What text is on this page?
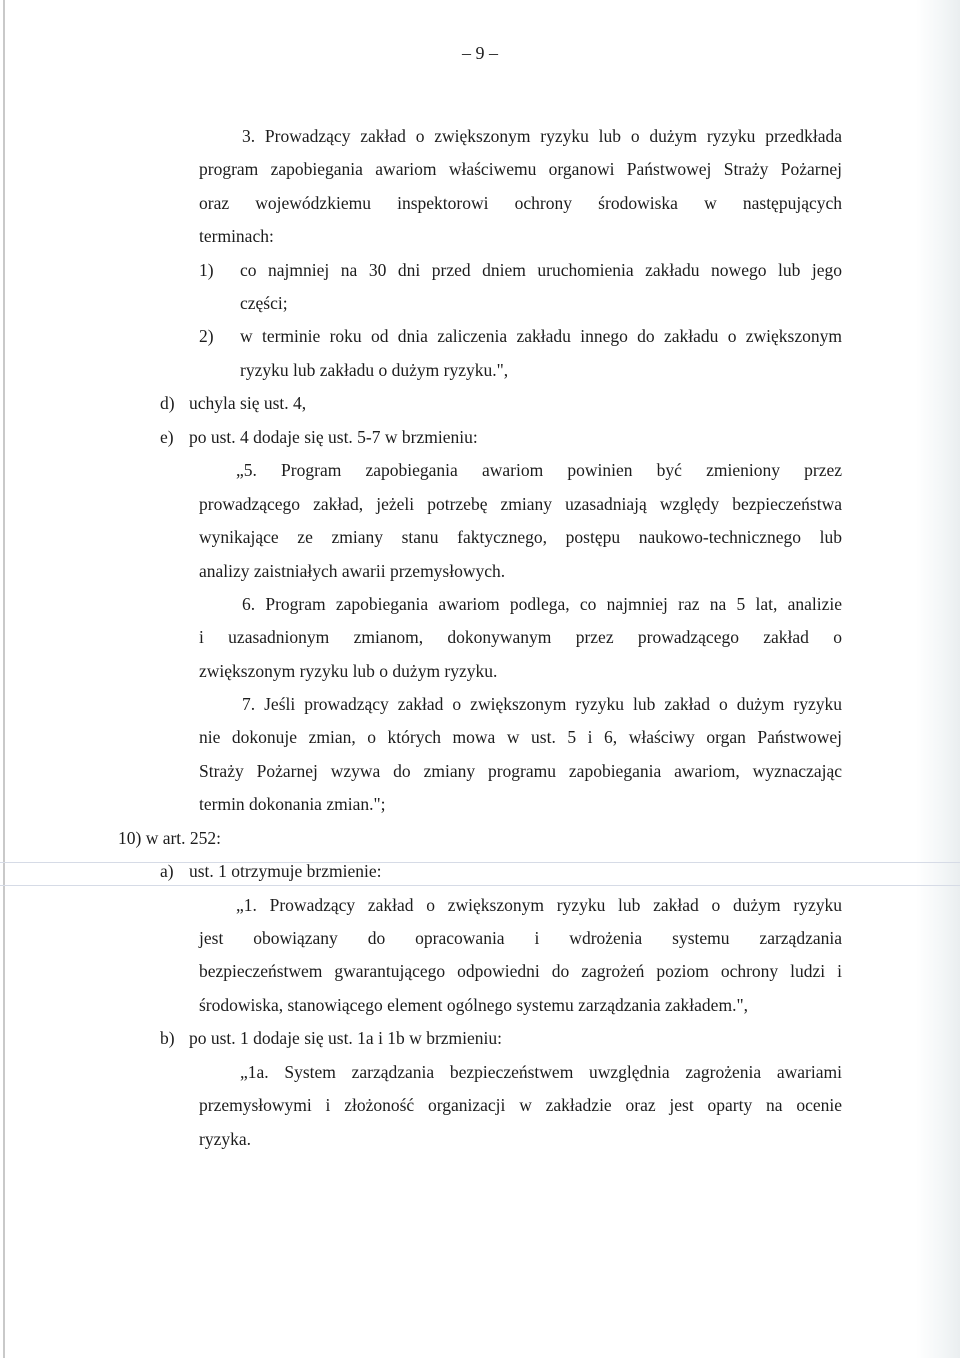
– 9 –
3. Prowadzący zakład o zwiększonym ryzyku lub o dużym ryzyku przedkłada
program zapobiegania awariom właściwemu organowi Państwowej Straży Pożarnej
oraz wojewódzkiemu inspektorowi ochrony środowiska w następujących
terminach:
1) co najmniej na 30 dni przed dniem uruchomienia zakładu nowego lub jego
części;
2) w terminie roku od dnia zaliczenia zakładu innego do zakładu o zwiększonym
ryzyku lub zakładu o dużym ryzyku.",
d) uchyla się ust. 4,
e) po ust. 4 dodaje się ust. 5-7 w brzmieniu:
„5. Program zapobiegania awariom powinien być zmieniony przez
prowadzącego zakład, jeżeli potrzebę zmiany uzasadniają względy bezpieczeństwa
wynikające ze zmiany stanu faktycznego, postępu naukowo-technicznego lub
analizy zaistniałych awarii przemysłowych.
6. Program zapobiegania awariom podlega, co najmniej raz na 5 lat, analizie
i uzasadnionym zmianom, dokonywanym przez prowadzącego zakład o
zwiększonym ryzyku lub o dużym ryzyku.
7. Jeśli prowadzący zakład o zwiększonym ryzyku lub zakład o dużym ryzyku
nie dokonuje zmian, o których mowa w ust. 5 i 6, właściwy organ Państwowej
Straży Pożarnej wzywa do zmiany programu zapobiegania awariom, wyznaczając
termin dokonania zmian.";
10) w art. 252:
a) ust. 1 otrzymuje brzmienie:
„1. Prowadzący zakład o zwiększonym ryzyku lub zakład o dużym ryzyku
jest obowiązany do opracowania i wdrożenia systemu zarządzania
bezpieczeństwem gwarantującego odpowiedni do zagrożeń poziom ochrony ludzi i
środowiska, stanowiącego element ogólnego systemu zarządzania zakładem.",
b) po ust. 1 dodaje się ust. 1a i 1b w brzmieniu:
„1a. System zarządzania bezpieczeństwem uwzględnia zagrożenia awariami
przemysłowymi i złożoność organizacji w zakładzie oraz jest oparty na ocenie
ryzyka.
